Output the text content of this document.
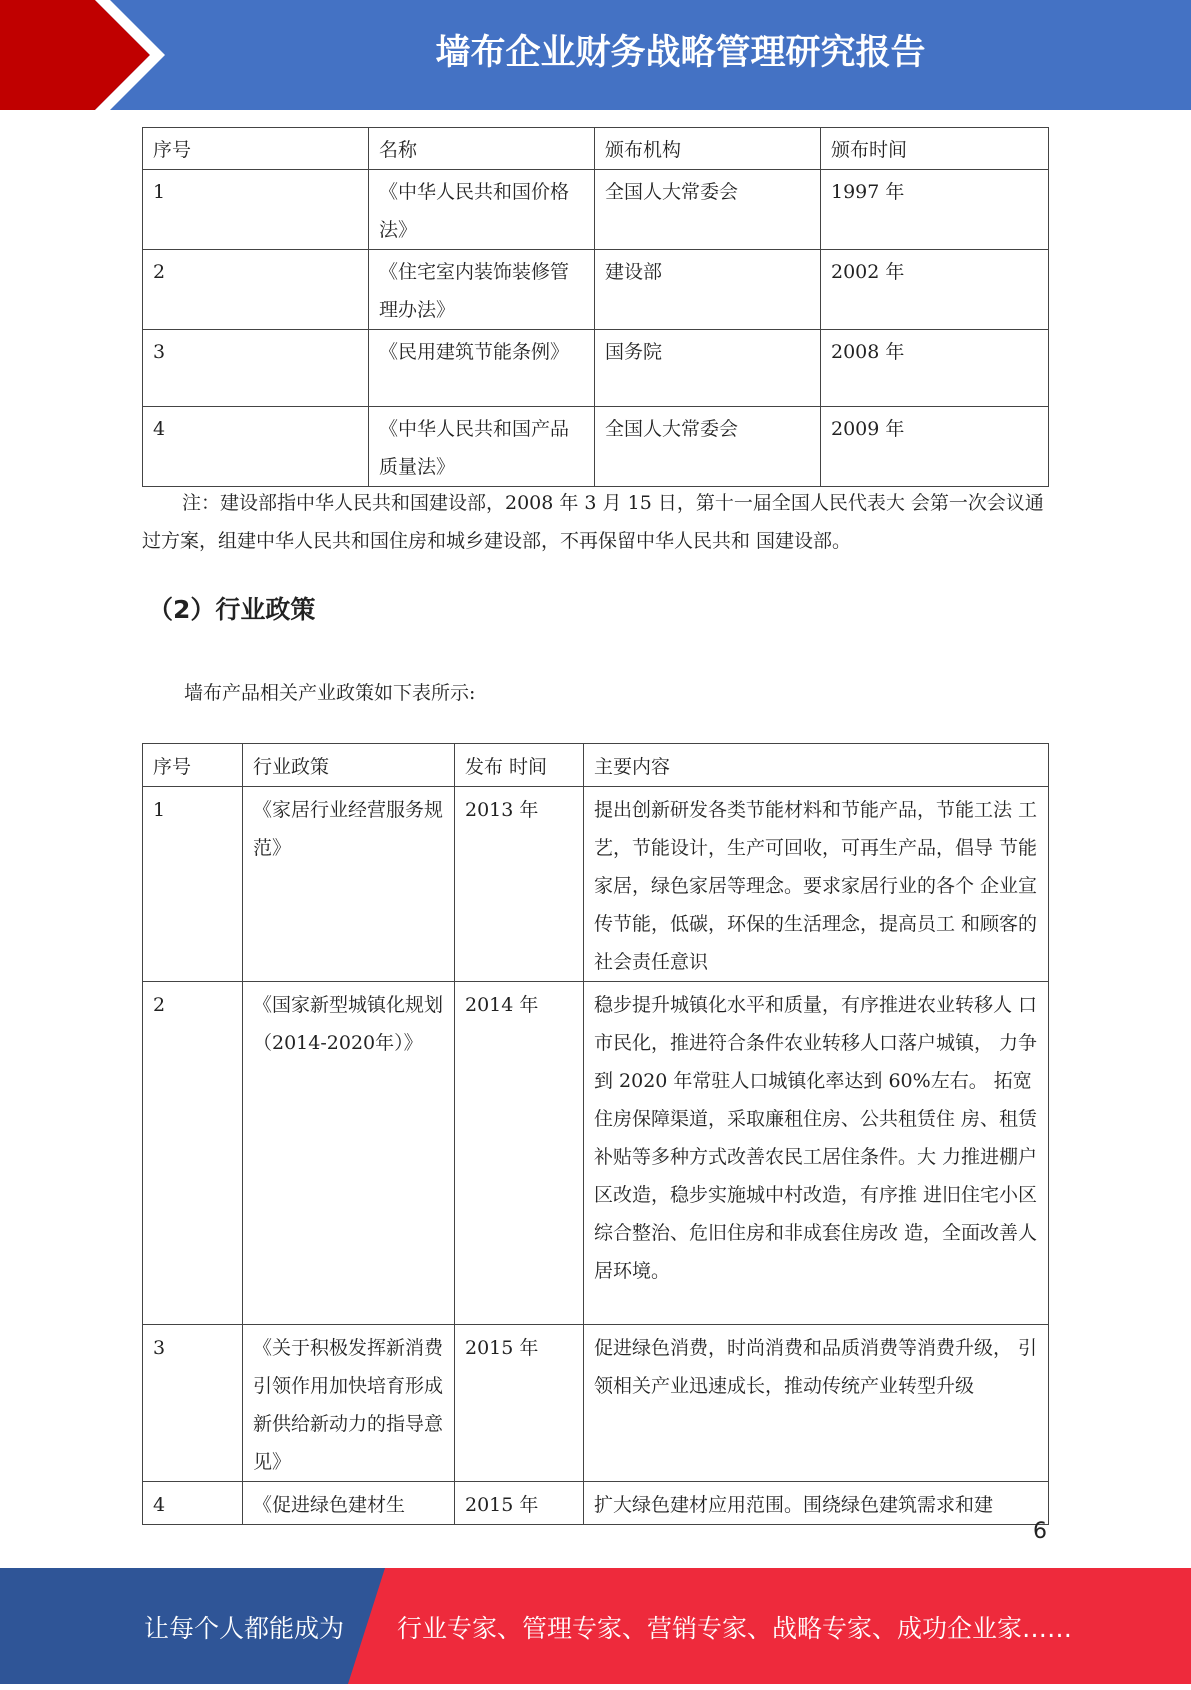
墙布企业财务战略管理研究报告
序号	名称	颁布机构	颁布时间
1	《中华人民共和国价格法》	全国人大常委会	1997 年
2	《住宅室内装饰装修管理办法》	建设部	2002 年
3	《民用建筑节能条例》	国务院	2008 年
4	《中华人民共和国产品质量法》	全国人大常委会	2009 年
注：建设部指中华人民共和国建设部，2008 年 3 月 15 日，第十一届全国人民代表大 会第一次会议通过方案，组建中华人民共和国住房和城乡建设部，不再保留中华人民共和 国建设部。
（2）行业政策
墙布产品相关产业政策如下表所示:
序号	行业政策	发布 时间	主要内容
1	《家居行业经营服务规范》	2013 年	提出创新研发各类节能材料和节能产品，节能工法 工艺，节能设计，生产可回收，可再生产品，倡导 节能家居，绿色家居等理念。要求家居行业的各个 企业宣传节能，低碳，环保的生活理念，提高员工 和顾客的社会责任意识
2	《国家新型城镇化规划（2014-2020年）》	2014 年	稳步提升城镇化水平和质量，有序推进农业转移人 口市民化，推进符合条件农业转移人口落户城镇， 力争到 2020 年常驻人口城镇化率达到 60%左右。 拓宽住房保障渠道，采取廉租住房、公共租赁住 房、租赁补贴等多种方式改善农民工居住条件。大 力推进棚户区改造，稳步实施城中村改造，有序推 进旧住宅小区综合整治、危旧住房和非成套住房改 造，全面改善人居环境。
3	《关于积极发挥新消费引领作用加快培育形成新供给新动力的指导意见》	2015 年	促进绿色消费，时尚消费和品质消费等消费升级， 引领相关产业迅速成长，推动传统产业转型升级
4	《促进绿色建材生	2015 年	扩大绿色建材应用范围。围绕绿色建筑需求和建
6
让每个人都能成为 行业专家、管理专家、营销专家、战略专家、成功企业家……
